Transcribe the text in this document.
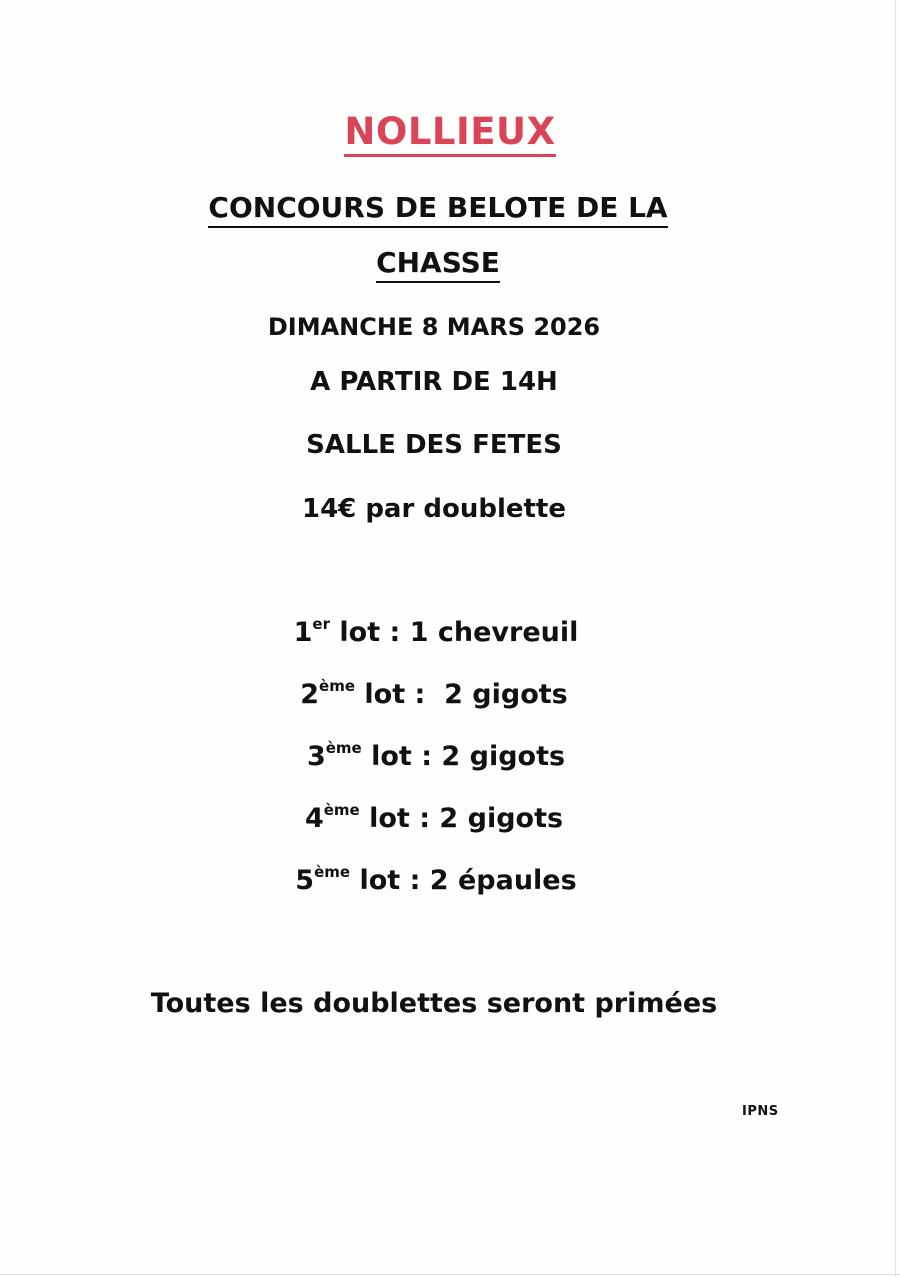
NOLLIEUX
CONCOURS DE BELOTE DE LA
CHASSE
DIMANCHE 8 MARS 2026
A PARTIR DE 14H
SALLE DES FETES
14€ par doublette
1er lot : 1 chevreuil
2ème lot :  2 gigots
3ème lot : 2 gigots
4ème lot : 2 gigots
5ème lot : 2 épaules
Toutes les doublettes seront primées
IPNS
